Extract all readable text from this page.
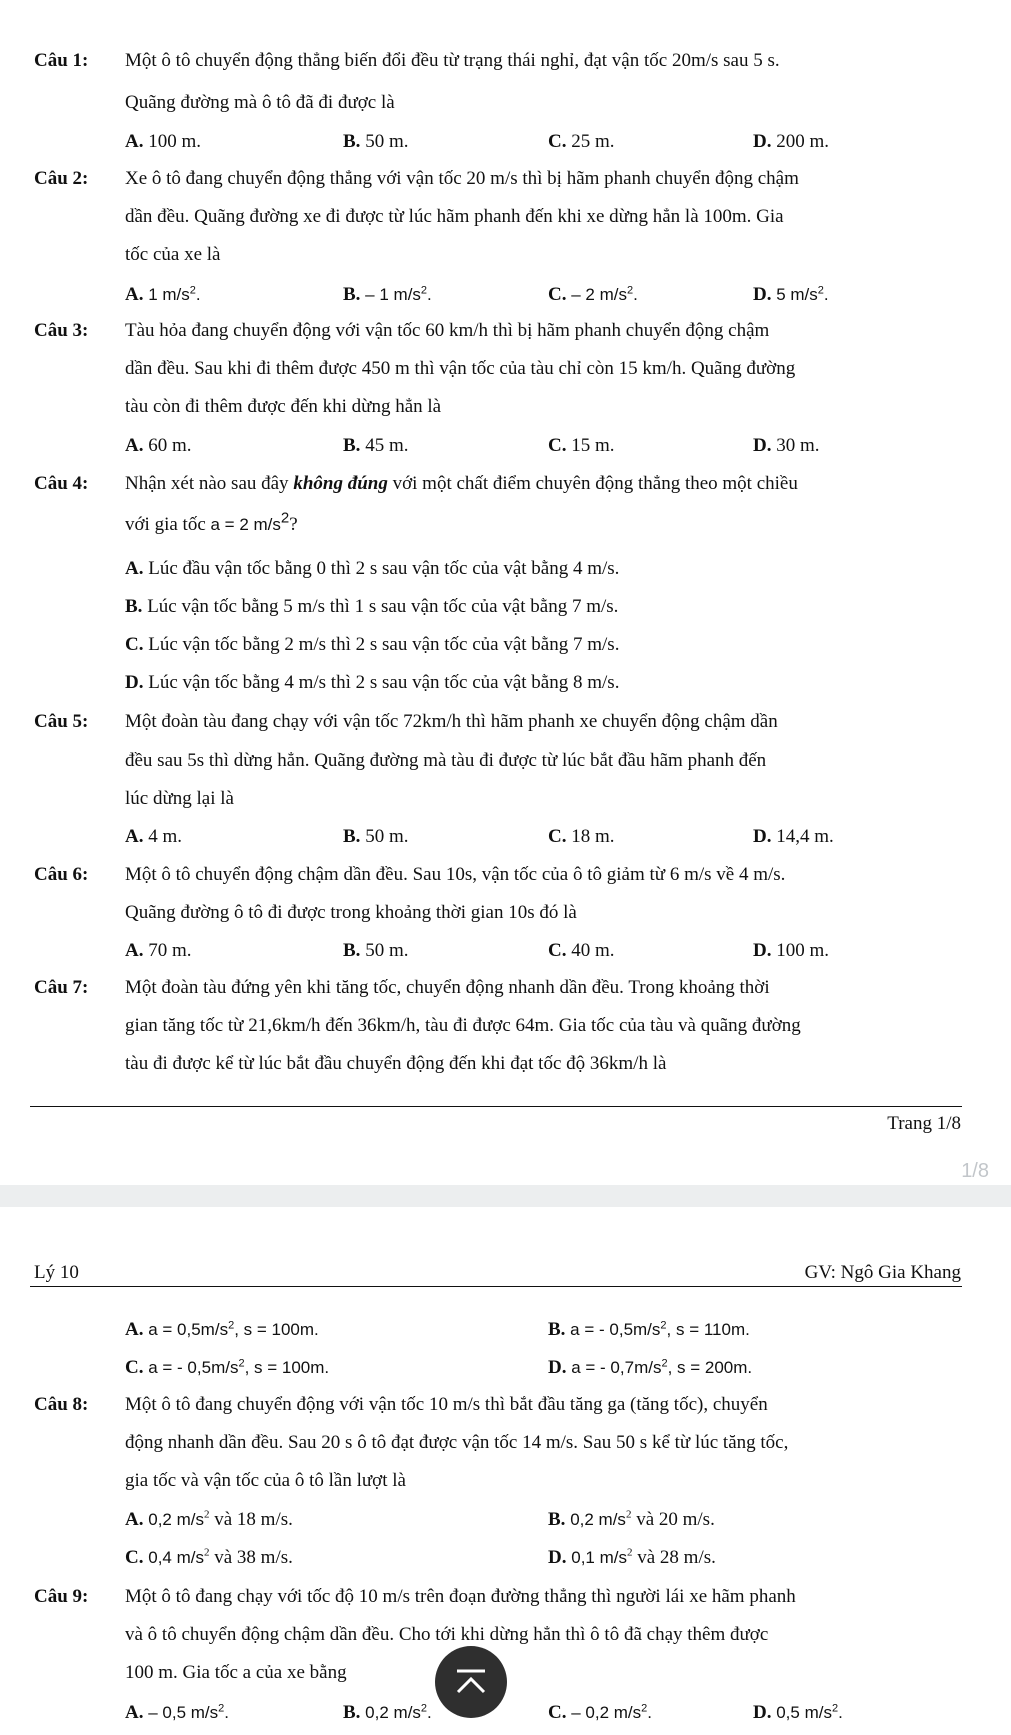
Câu 1: Một ô tô chuyển động thẳng biến đổi đều từ trạng thái nghỉ, đạt vận tốc 20m/s sau 5 s.
Quãng đường mà ô tô đã đi được là
A. 100 m.	B. 50 m.	C. 25 m.	D. 200 m.
Câu 2: Xe ô tô đang chuyển động thẳng với vận tốc 20 m/s thì bị hãm phanh chuyển động chậm
dần đều. Quãng đường xe đi được từ lúc hãm phanh đến khi xe dừng hẳn là 100m. Gia
tốc của xe là
A. 1 $m/s^2$.	B. – 1 $m/s^2$.	C. – 2 $m/s^2$.	D. 5 $m/s^2$.
Câu 3: Tàu hỏa đang chuyển động với vận tốc 60 km/h thì bị hãm phanh chuyển động chậm
dần đều. Sau khi đi thêm được 450 m thì vận tốc của tàu chỉ còn 15 km/h. Quãng đường
tàu còn đi thêm được đến khi dừng hẳn là
A. 60 m.	B. 45 m.	C. 15 m.	D. 30 m.
Câu 4: Nhận xét nào sau đây không đúng với một chất điểm chuyên động thẳng theo một chiều
với gia tốc a = 2 $m/s^2$?
A. Lúc đầu vận tốc bằng 0 thì 2 s sau vận tốc của vật bằng 4 m/s.
B. Lúc vận tốc bằng 5 m/s thì 1 s sau vận tốc của vật bằng 7 m/s.
C. Lúc vận tốc bằng 2 m/s thì 2 s sau vận tốc của vật bằng 7 m/s.
D. Lúc vận tốc bằng 4 m/s thì 2 s sau vận tốc của vật bằng 8 m/s.
Câu 5: Một đoàn tàu đang chạy với vận tốc 72km/h thì hãm phanh xe chuyển động chậm dần
đều sau 5s thì dừng hẳn. Quãng đường mà tàu đi được từ lúc bắt đầu hãm phanh đến
lúc dừng lại là
A. 4 m.	B. 50 m.	C. 18 m.	D. 14,4 m.
Câu 6: Một ô tô chuyển động chậm dần đều. Sau 10s, vận tốc của ô tô giảm từ 6 m/s về 4 m/s.
Quãng đường ô tô đi được trong khoảng thời gian 10s đó là
A. 70 m.	B. 50 m.	C. 40 m.	D. 100 m.
Câu 7: Một đoàn tàu đứng yên khi tăng tốc, chuyển động nhanh dần đều. Trong khoảng thời
gian tăng tốc từ 21,6km/h đến 36km/h, tàu đi được 64m. Gia tốc của tàu và quãng đường
tàu đi được kể từ lúc bắt đầu chuyển động đến khi đạt tốc độ 36km/h là
Trang 1/8
1/8
Lý 10	GV: Ngô Gia Khang
A. $a = 0,5m/s^2$, s = 100m.	B. a = - $0,5m/s^2$, s = 110m.
C. a = - $0,5m/s^2$, s = 100m.	D. a = - $0,7m/s^2$, s = 200m.
Câu 8: Một ô tô đang chuyển động với vận tốc 10 m/s thì bắt đầu tăng ga (tăng tốc), chuyển
động nhanh dần đều. Sau 20 s ô tô đạt được vận tốc 14 m/s. Sau 50 s kể từ lúc tăng tốc,
gia tốc và vận tốc của ô tô lần lượt là
A. 0,2 $m/s^2$ và 18 m/s.	B. 0,2 $m/s^2$ và 20 m/s.
C. 0,4 $m/s^2$ và 38 m/s.	D. 0,1 $m/s^2$ và 28 m/s.
Câu 9: Một ô tô đang chạy với tốc độ 10 m/s trên đoạn đường thẳng thì người lái xe hãm phanh
và ô tô chuyển động chậm dần đều. Cho tới khi dừng hẳn thì ô tô đã chạy thêm được
100 m. Gia tốc a của xe bằng
A. – 0,5 $m/s^2$.	B. 0,2 $m/s^2$.	C. – 0,2 $m/s^2$.	D. 0,5 $m/s^2$.
